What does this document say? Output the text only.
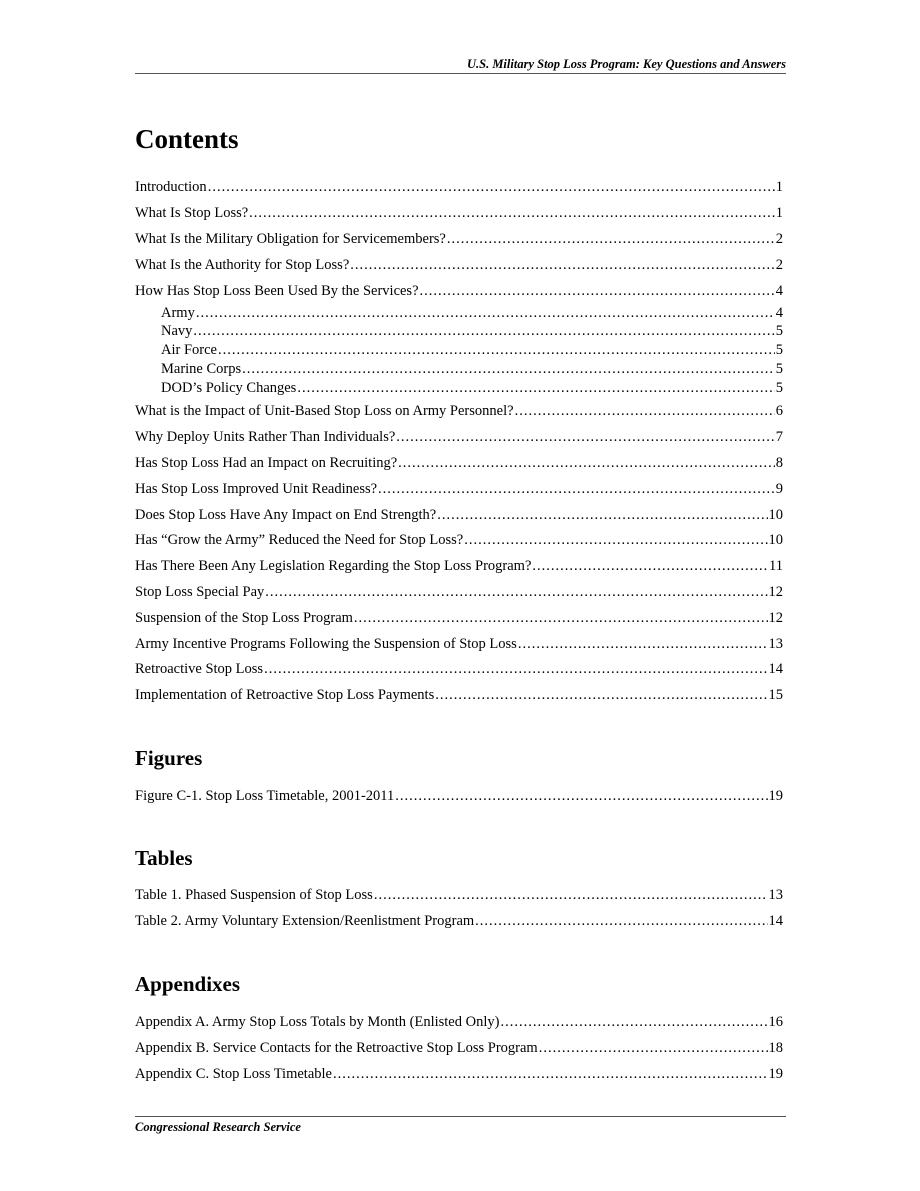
U.S. Military Stop Loss Program: Key Questions and Answers
Contents
Introduction .....	1
What Is Stop Loss? .....	1
What Is the Military Obligation for Servicemembers? .....	2
What Is the Authority for Stop Loss? .....	2
How Has Stop Loss Been Used By the Services? .....	4
Army .....	4
Navy .....	5
Air Force .....	5
Marine Corps .....	5
DOD’s Policy Changes .....	5
What is the Impact of Unit-Based Stop Loss on Army Personnel? .....	6
Why Deploy Units Rather Than Individuals? .....	7
Has Stop Loss Had an Impact on Recruiting? .....	8
Has Stop Loss Improved Unit Readiness? .....	9
Does Stop Loss Have Any Impact on End Strength? .....	10
Has “Grow the Army” Reduced the Need for Stop Loss? .....	10
Has There Been Any Legislation Regarding the Stop Loss Program? .....	11
Stop Loss Special Pay .....	12
Suspension of the Stop Loss Program .....	12
Army Incentive Programs Following the Suspension of Stop Loss .....	13
Retroactive Stop Loss .....	14
Implementation of Retroactive Stop Loss Payments .....	15
Figures
Figure C-1. Stop Loss Timetable, 2001-2011 .....	19
Tables
Table 1. Phased Suspension of Stop Loss .....	13
Table 2. Army Voluntary Extension/Reenlistment Program .....	14
Appendixes
Appendix A. Army Stop Loss Totals by Month (Enlisted Only) .....	16
Appendix B. Service Contacts for the Retroactive Stop Loss Program .....	18
Appendix C. Stop Loss Timetable .....	19
Congressional Research Service
